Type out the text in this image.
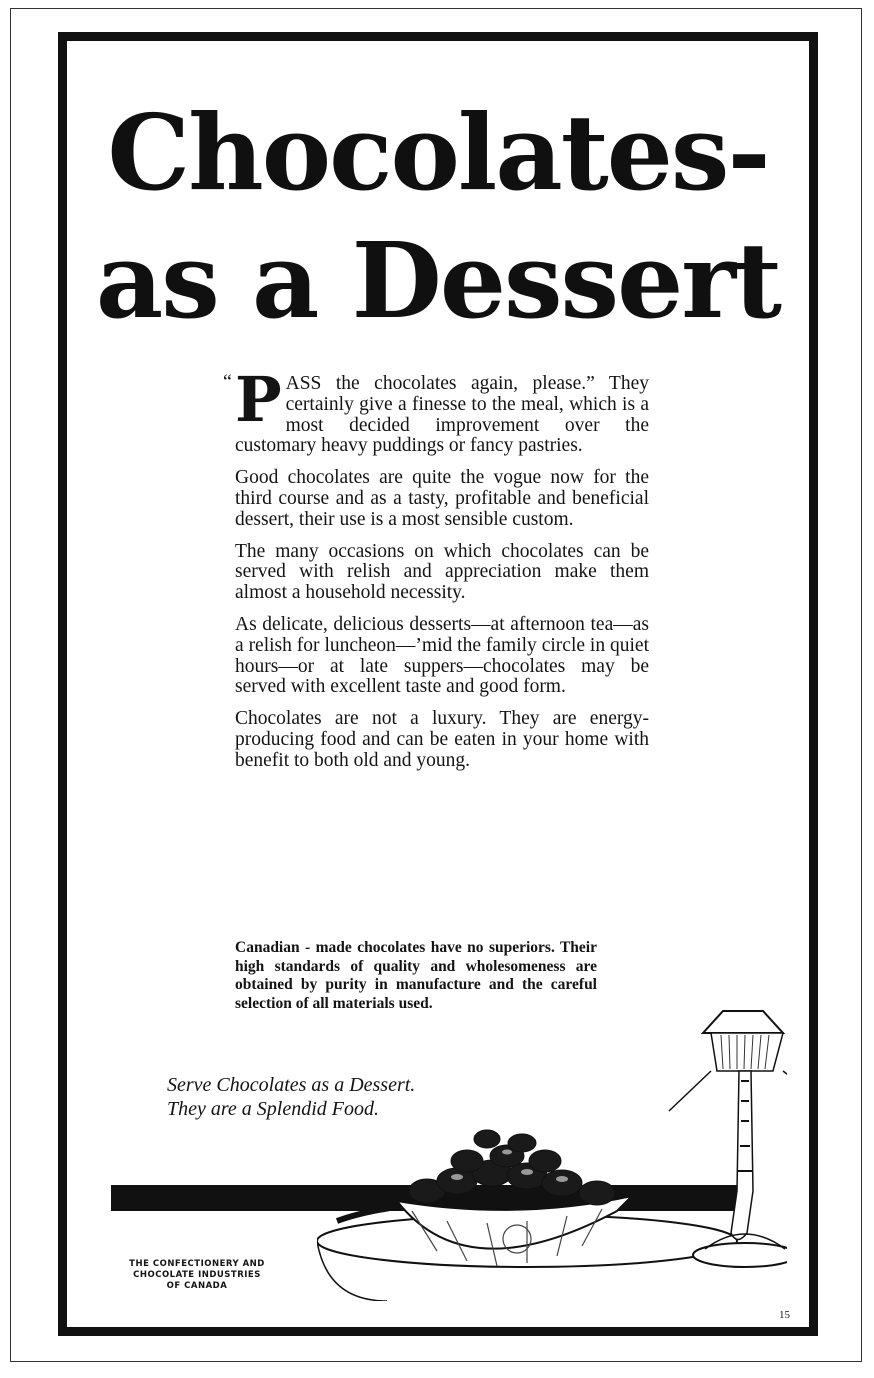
Chocolates-
as a Dessert

“ P ASS the chocolates again, please.” They certainly give a finesse to the meal, which is a most decided improvement over the customary heavy puddings or fancy pastries.

Good chocolates are quite the vogue now for the third course and as a tasty, profitable and beneficial dessert, their use is a most sensible custom.

The many occasions on which chocolates can be served with relish and appreciation make them almost a household necessity.

As delicate, delicious desserts—at afternoon tea—as a relish for luncheon—’mid the family circle in quiet hours—or at late suppers—chocolates may be served with excellent taste and good form.

Chocolates are not a luxury. They are energy-producing food and can be eaten in your home with benefit to both old and young.

Canadian - made chocolates have no superiors. Their high standards of quality and wholesomeness are obtained by purity in manufacture and the careful selection of all materials used.

Serve Chocolates as a Dessert.
They are a Splendid Food.
THE CONFECTIONERY AND
CHOCOLATE INDUSTRIES
OF CANADA
15
